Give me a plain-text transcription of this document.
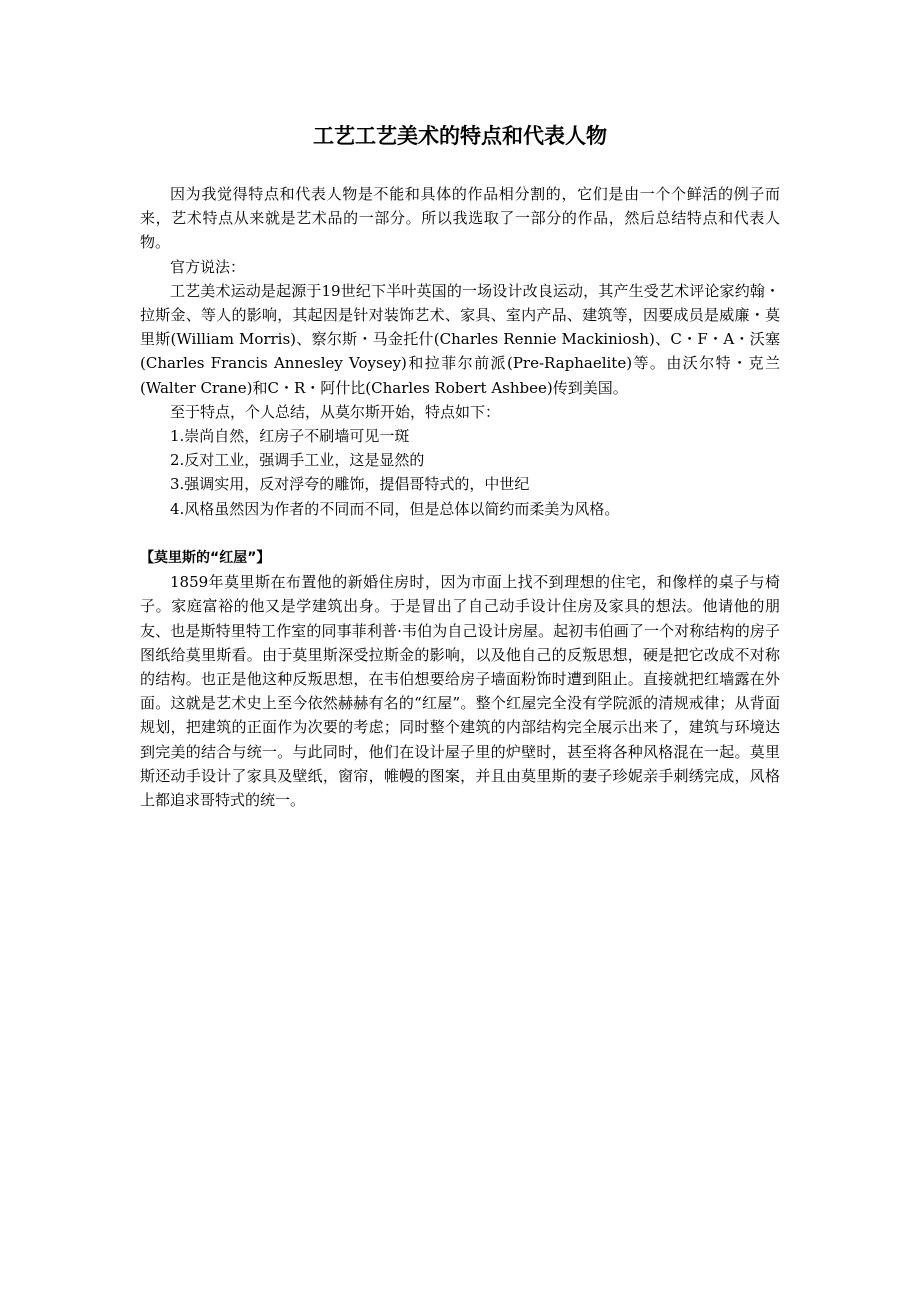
工艺工艺美术的特点和代表人物

因为我觉得特点和代表人物是不能和具体的作品相分割的，它们是由一个个鲜活的例子而来，艺术特点从来就是艺术品的一部分。所以我选取了一部分的作品，然后总结特点和代表人物。

官方说法：

工艺美术运动是起源于19世纪下半叶英国的一场设计改良运动，其产生受艺术评论家约翰・拉斯金、等人的影响，其起因是针对装饰艺术、家具、室内产品、建筑等，因要成员是威廉・莫里斯(William Morris)、察尔斯・马金托什(Charles Rennie Mackiniosh)、C・F・A・沃塞(Charles Francis Annesley Voysey)和拉菲尔前派(Pre-Raphaelite)等。由沃尔特・克兰(Walter Crane)和C・R・阿什比(Charles Robert Ashbee)传到美国。

至于特点，个人总结，从莫尔斯开始，特点如下：

1.崇尚自然，红房子不刷墙可见一斑

2.反对工业，强调手工业，这是显然的

3.强调实用，反对浮夸的雕饰，提倡哥特式的，中世纪

4.风格虽然因为作者的不同而不同，但是总体以简约而柔美为风格。

【莫里斯的“红屋”】

1859年莫里斯在布置他的新婚住房时，因为市面上找不到理想的住宅，和像样的桌子与椅子。家庭富裕的他又是学建筑出身。于是冒出了自己动手设计住房及家具的想法。他请他的朋友、也是斯特里特工作室的同事菲利普·韦伯为自己设计房屋。起初韦伯画了一个对称结构的房子图纸给莫里斯看。由于莫里斯深受拉斯金的影响，以及他自己的反叛思想，硬是把它改成不对称的结构。也正是他这种反叛思想，在韦伯想要给房子墙面粉饰时遭到阻止。直接就把红墙露在外面。这就是艺术史上至今依然赫赫有名的“红屋”。整个红屋完全没有学院派的清规戒律；从背面规划，把建筑的正面作为次要的考虑；同时整个建筑的内部结构完全展示出来了，建筑与环境达到完美的结合与统一。与此同时，他们在设计屋子里的炉壁时，甚至将各种风格混在一起。莫里斯还动手设计了家具及壁纸，窗帘，帷幔的图案，并且由莫里斯的妻子珍妮亲手刺绣完成，风格上都追求哥特式的统一。
